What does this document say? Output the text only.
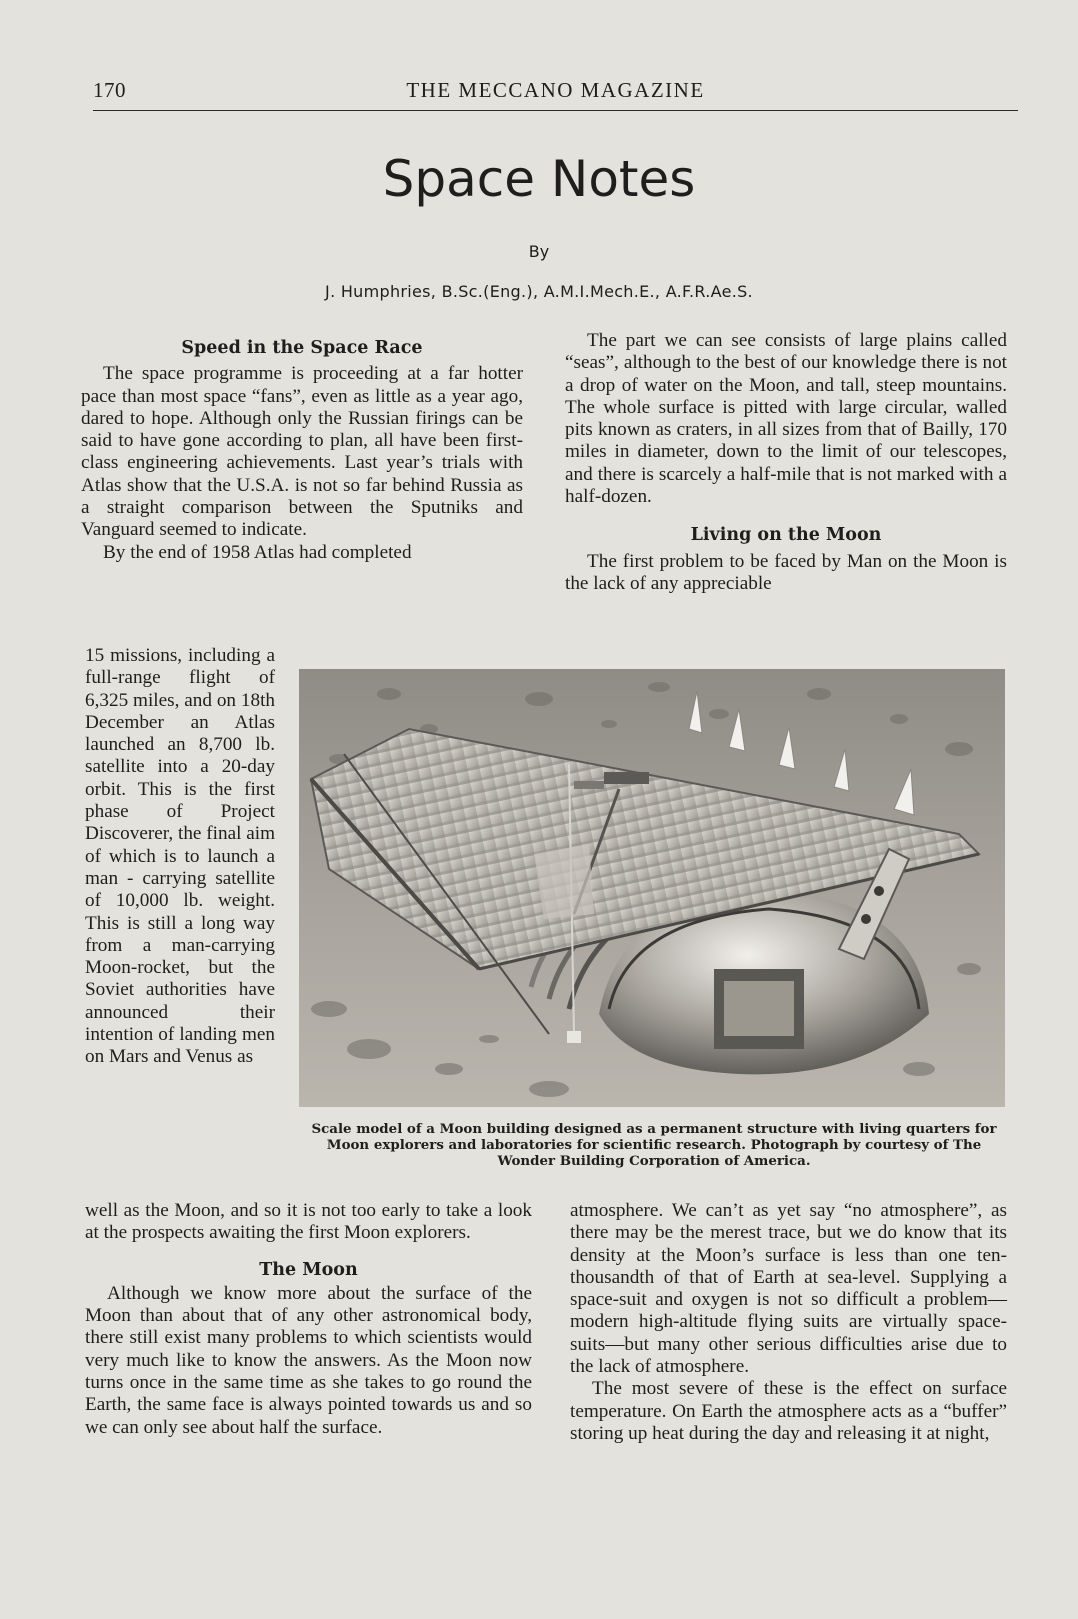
170	THE MECCANO MAGAZINE
Space Notes
By
J. Humphries, B.Sc.(Eng.), A.M.I.Mech.E., A.F.R.Ae.S.
Speed in the Space Race

The space programme is proceeding at a far hotter pace than most space “fans”, even as little as a year ago, dared to hope. Although only the Russian firings can be said to have gone according to plan, all have been first-class engineering achievements. Last year’s trials with Atlas show that the U.S.A. is not so far behind Russia as a straight comparison between the Sputniks and Vanguard seemed to indicate.

By the end of 1958 Atlas had completed

15 missions, including a full-range flight of 6,325 miles, and on 18th December an Atlas launched an 8,700 lb. satellite into a 20-day orbit. This is the first phase of Project Discoverer, the final aim of which is to launch a man - carrying satellite of 10,000 lb. weight. This is still a long way from a man-carrying Moon-rocket, but the Soviet authorities have announced their intention of landing men on Mars and Venus as

well as the Moon, and so it is not too early to take a look at the prospects awaiting the first Moon explorers.

The Moon

Although we know more about the surface of the Moon than about that of any other astronomical body, there still exist many problems to which scientists would very much like to know the answers. As the Moon now turns once in the same time as she takes to go round the Earth, the same face is always pointed towards us and so we can only see about half the surface.

The part we can see consists of large plains called “seas”, although to the best of our knowledge there is not a drop of water on the Moon, and tall, steep mountains. The whole surface is pitted with large circular, walled pits known as craters, in all sizes from that of Bailly, 170 miles in diameter, down to the limit of our telescopes, and there is scarcely a half-mile that is not marked with a half-dozen.

Living on the Moon

The first problem to be faced by Man on the Moon is the lack of any appreciable

Scale model of a Moon building designed as a permanent structure with living quarters for Moon explorers and laboratories for scientific research. Photograph by courtesy of The Wonder Building Corporation of America.

atmosphere. We can’t as yet say “no atmosphere”, as there may be the merest trace, but we do know that its density at the Moon’s surface is less than one ten-thousandth of that of Earth at sea-level. Supplying a space-suit and oxygen is not so difficult a problem—modern high-altitude flying suits are virtually space-suits—but many other serious difficulties arise due to the lack of atmosphere.

The most severe of these is the effect on surface temperature. On Earth the atmosphere acts as a “buffer” storing up heat during the day and releasing it at night,
